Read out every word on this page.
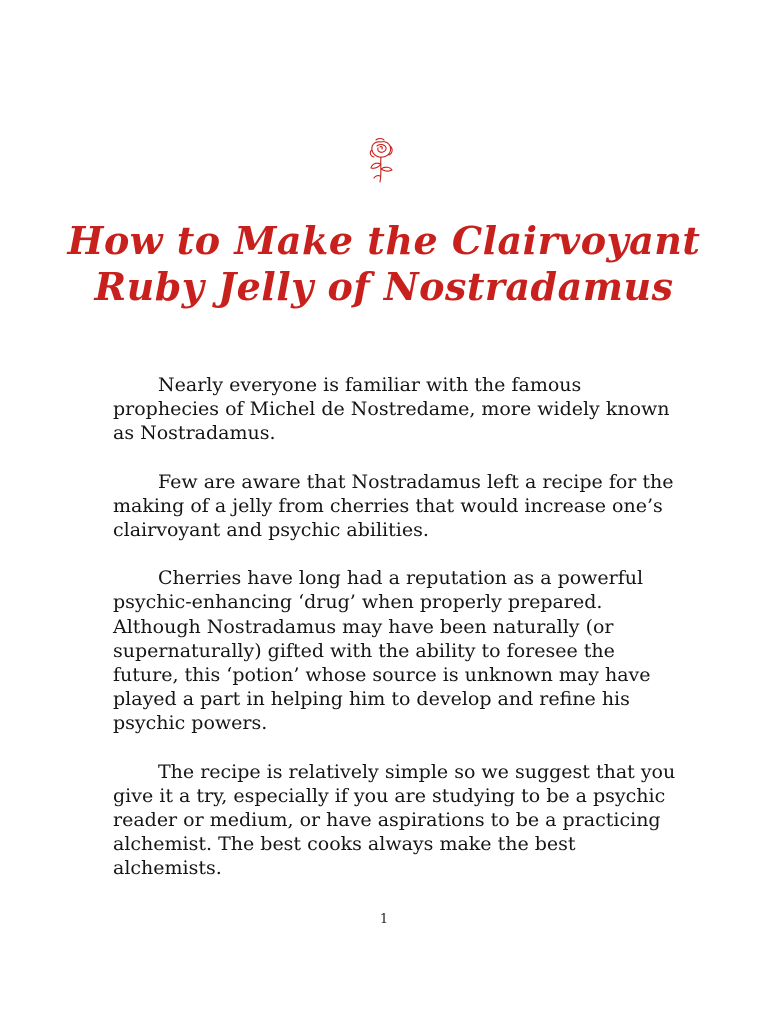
How to Make the Clairvoyant
Ruby Jelly of Nostradamus

Nearly everyone is familiar with the famous prophecies of Michel de Nostredame, more widely known as Nostradamus.

Few are aware that Nostradamus left a recipe for the making of a jelly from cherries that would increase one’s clairvoyant and psychic abilities.

Cherries have long had a reputation as a powerful psychic-enhancing ‘drug’ when properly prepared. Although Nostradamus may have been naturally (or supernaturally) gifted with the ability to foresee the future, this ‘potion’ whose source is unknown may have played a part in helping him to develop and refine his psychic powers.

The recipe is relatively simple so we suggest that you give it a try, especially if you are studying to be a psychic reader or medium, or have aspirations to be a practicing alchemist. The best cooks always make the best alchemists.

1
